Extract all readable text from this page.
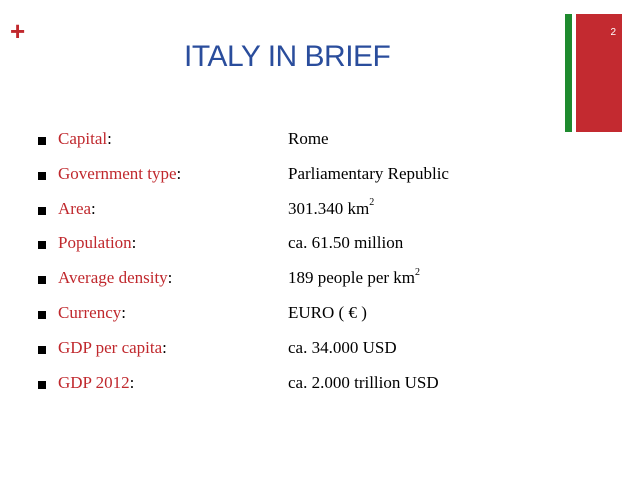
+	2
ITALY IN BRIEF
Capital:	Rome
Government type:	Parliamentary Republic
Area:	301.340 $km^2$
Population:	ca. 61.50 million
Average density:	189 people per $km^2$
Currency:	EURO ( € )
GDP per capita:	ca. 34.000 USD
GDP 2012:	ca. 2.000 trillion USD
